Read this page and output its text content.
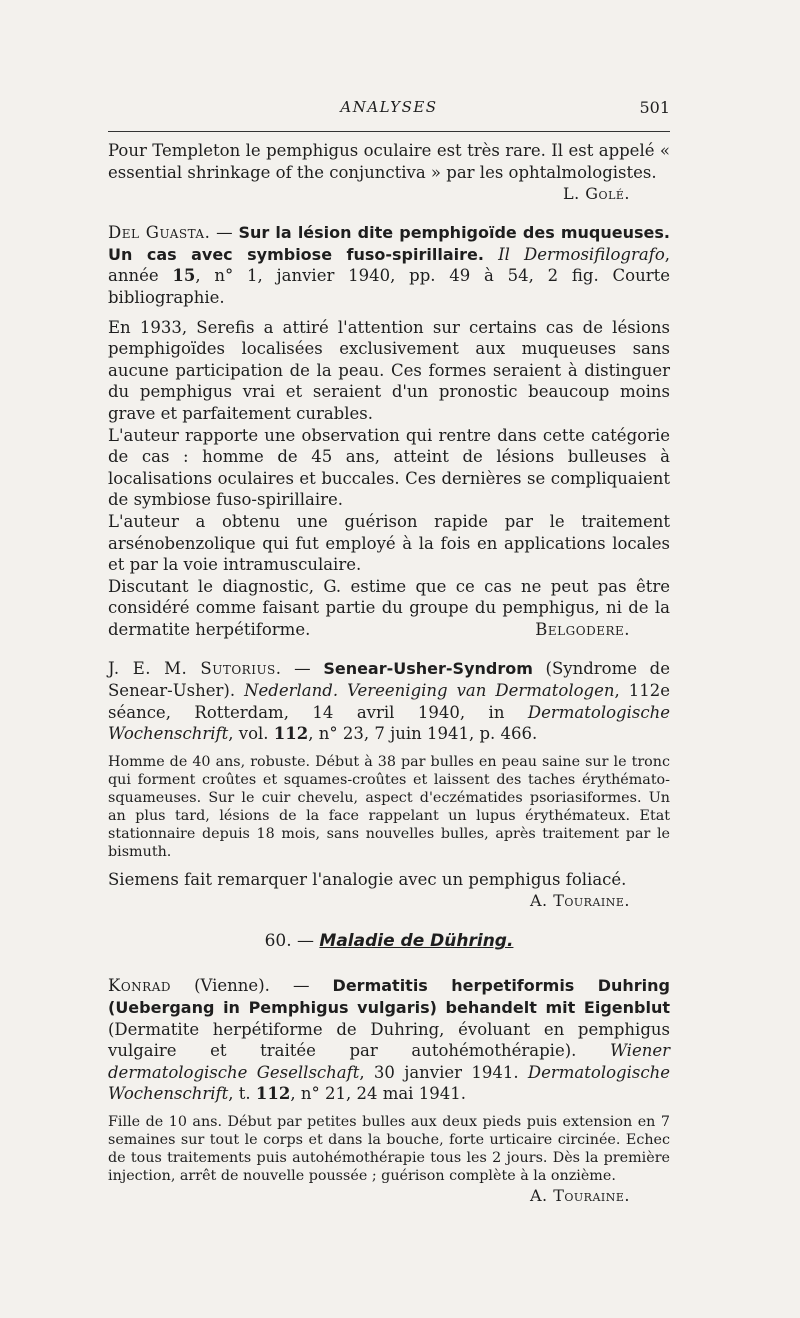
ANALYSES	501

Pour Templeton le pemphigus oculaire est très rare. Il est appelé « essential shrinkage of the conjunctiva » par les ophtalmologistes.

L. Golé.

Del Guasta. — Sur la lésion dite pemphigoïde des muqueuses. Un cas avec symbiose fuso-spirillaire. Il Dermosifilografo, année 15, n° 1, janvier 1940, pp. 49 à 54, 2 fig. Courte bibliographie.

En 1933, Serefis a attiré l'attention sur certains cas de lésions pemphigoïdes localisées exclusivement aux muqueuses sans aucune participation de la peau. Ces formes seraient à distinguer du pemphigus vrai et seraient d'un pronostic beaucoup moins grave et parfaitement curables.

L'auteur rapporte une observation qui rentre dans cette catégorie de cas : homme de 45 ans, atteint de lésions bulleuses à localisations oculaires et buccales. Ces dernières se compliquaient de symbiose fuso-spirillaire.

L'auteur a obtenu une guérison rapide par le traitement arsénobenzolique qui fut employé à la fois en applications locales et par la voie intramusculaire.

Discutant le diagnostic, G. estime que ce cas ne peut pas être considéré comme faisant partie du groupe du pemphigus, ni de la dermatite herpétiforme.	Belgodere.

J. E. M. Sutorius. — Senear-Usher-Syndrom (Syndrome de Senear-Usher). Nederland. Vereeniging van Dermatologen, 112e séance, Rotterdam, 14 avril 1940, in Dermatologische Wochenschrift, vol. 112, n° 23, 7 juin 1941, p. 466.

Homme de 40 ans, robuste. Début à 38 par bulles en peau saine sur le tronc qui forment croûtes et squames-croûtes et laissent des taches érythémato-squameuses. Sur le cuir chevelu, aspect d'eczématides psoriasiformes. Un an plus tard, lésions de la face rappelant un lupus érythémateux. Etat stationnaire depuis 18 mois, sans nouvelles bulles, après traitement par le bismuth.

Siemens fait remarquer l'analogie avec un pemphigus foliacé.

A. Touraine.
60. — Maladie de Dühring.

Konrad (Vienne). — Dermatitis herpetiformis Duhring (Uebergang in Pemphigus vulgaris) behandelt mit Eigenblut (Dermatite herpétiforme de Duhring, évoluant en pemphigus vulgaire et traitée par autohémothérapie). Wiener dermatologische Gesellschaft, 30 janvier 1941. Dermatologische Wochenschrift, t. 112, n° 21, 24 mai 1941.

Fille de 10 ans. Début par petites bulles aux deux pieds puis extension en 7 semaines sur tout le corps et dans la bouche, forte urticaire circinée. Echec de tous traitements puis autohémothérapie tous les 2 jours. Dès la première injection, arrêt de nouvelle poussée ; guérison complète à la onzième.

A. Touraine.
